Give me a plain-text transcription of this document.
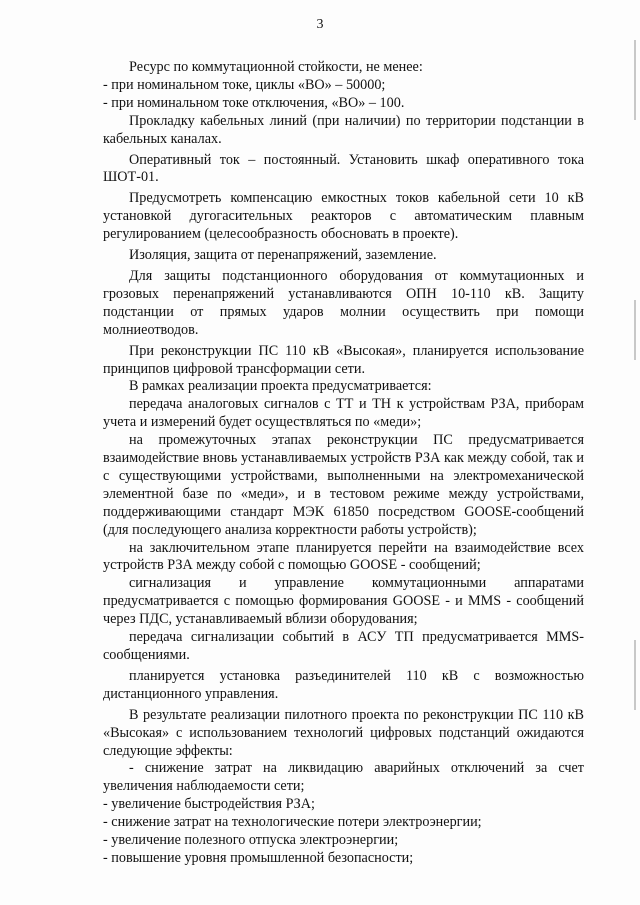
3

Ресурс по коммутационной стойкости, не менее:

- при номинальном токе, циклы «ВО» – 50000;

- при номинальном токе отключения, «ВО» – 100.

Прокладку кабельных линий (при наличии) по территории подстанции в кабельных каналах.

Оперативный ток – постоянный. Установить шкаф оперативного тока ШОТ-01.

Предусмотреть компенсацию емкостных токов кабельной сети 10 кВ установкой дугогасительных реакторов с автоматическим плавным регулированием (целесообразность обосновать в проекте).

Изоляция, защита от перенапряжений, заземление.

Для защиты подстанционного оборудования от коммутационных и грозовых перенапряжений устанавливаются ОПН 10-110 кВ. Защиту подстанции от прямых ударов молнии осуществить при помощи молниеотводов.

При реконструкции ПС 110 кВ «Высокая», планируется использование принципов цифровой трансформации сети.

В рамках реализации проекта предусматривается:

передача аналоговых сигналов с ТТ и ТН к устройствам РЗА, приборам учета и измерений будет осуществляться по «меди»;

на промежуточных этапах реконструкции ПС предусматривается взаимодействие вновь устанавливаемых устройств РЗА как между собой, так и с существующими устройствами, выполненными на электромеханической элементной базе по «меди», и в тестовом режиме между устройствами, поддерживающими стандарт МЭК 61850 посредством GOOSE-сообщений (для последующего анализа корректности работы устройств);

на заключительном этапе планируется перейти на взаимодействие всех устройств РЗА между собой с помощью GOOSE - сообщений;

сигнализация и управление коммутационными аппаратами предусматривается с помощью формирования GOOSE - и MMS - сообщений через ПДС, устанавливаемый вблизи оборудования;

передача сигнализации событий в АСУ ТП предусматривается MMS-сообщениями.

планируется установка разъединителей 110 кВ с возможностью дистанционного управления.

В результате реализации пилотного проекта по реконструкции ПС 110 кВ «Высокая» с использованием технологий цифровых подстанций ожидаются следующие эффекты:

- снижение затрат на ликвидацию аварийных отключений за счет увеличения наблюдаемости сети;

- увеличение быстродействия РЗА;

- снижение затрат на технологические потери электроэнергии;

- увеличение полезного отпуска электроэнергии;

- повышение уровня промышленной безопасности;
